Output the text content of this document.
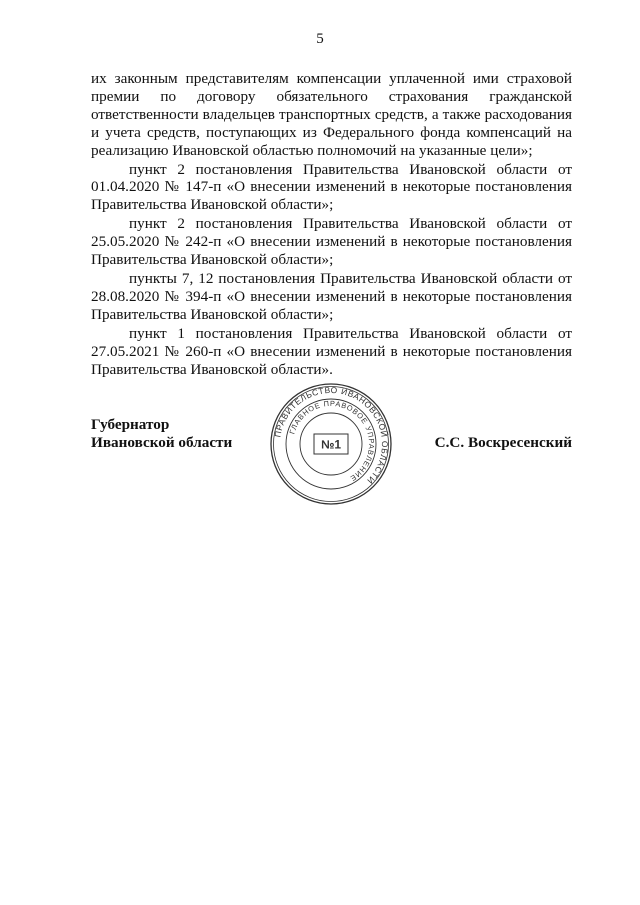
5

их законным представителям компенсации уплаченной ими страховой премии по договору обязательного страхования гражданской ответственности владельцев транспортных средств, а также расходования и учета средств, поступающих из Федерального фонда компенсаций на реализацию Ивановской областью полномочий на указанные цели»;

пункт 2 постановления Правительства Ивановской области от 01.04.2020 № 147-п «О внесении изменений в некоторые постановления Правительства Ивановской области»;

пункт 2 постановления Правительства Ивановской области от 25.05.2020 № 242-п «О внесении изменений в некоторые постановления Правительства Ивановской области»;

пункты 7, 12 постановления Правительства Ивановской области от 28.08.2020 № 394-п «О внесении изменений в некоторые постановления Правительства Ивановской области»;

пункт 1 постановления Правительства Ивановской области от 27.05.2021 № 260-п «О внесении изменений в некоторые постановления Правительства Ивановской области».

Губернатор
Ивановской области
ПРАВИТЕЛЬСТВО ИВАНОВСКОЙ ОБЛАСТИ
ГЛАВНОЕ ПРАВОВОЕ УПРАВЛЕНИЕ
№1	С.С. Воскресенский
